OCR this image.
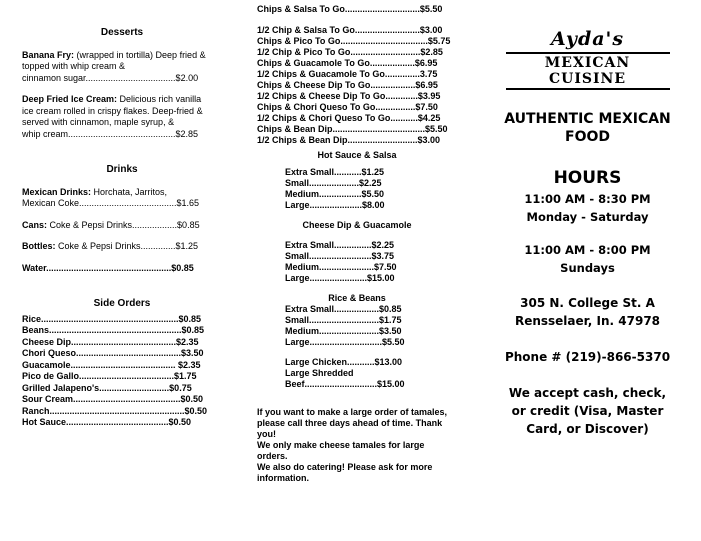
Desserts
Banana Fry: (wrapped in tortilla) Deep fried &
topped with whip cream &
cinnamon sugar....................................$2.00
Deep Fried Ice Cream: Delicious rich vanilla
ice cream rolled in crispy flakes. Deep-fried &
served with cinnamon, maple syrup, &
whip cream...........................................$2.85
Drinks
Mexican Drinks: Horchata, Jarritos,
Mexican Coke.......................................$1.65
Cans: Coke & Pepsi Drinks..................$0.85
Bottles: Coke & Pepsi Drinks..............$1.25
Water..................................................$0.85
Side Orders
Rice.......................................................$0.85
Beans.....................................................$0.85
Cheese Dip..........................................$2.35
Chori Queso..........................................$3.50
Guacamole.......................................... $2.35
Pico de Gallo......................................$1.75
Grilled Jalapeno's............................$0.75
Sour Cream...........................................$0.50
Ranch......................................................$0.50
Hot Sauce.........................................$0.50
Chips & Salsa To Go..............................$5.50
1/2 Chip & Salsa To Go..........................$3.00
Chips & Pico To Go...................................$5.75
1/2 Chip & Pico To Go............................$2.85
Chips & Guacamole To Go..................$6.95
1/2 Chips & Guacamole To Go..............3.75
Chips & Cheese Dip To Go..................$6.95
1/2 Chips & Cheese Dip To Go.............$3.95
Chips & Chori Queso To Go................$7.50
1/2 Chips & Chori Queso To Go...........$4.25
Chips & Bean Dip.....................................$5.50
1/2 Chips & Bean Dip............................$3.00
Hot Sauce & Salsa
Extra Small...........$1.25
Small....................$2.25
Medium.................$5.50
Large.....................$8.00
Cheese Dip & Guacamole
Extra Small...............$2.25
Small.........................$3.75
Medium......................$7.50
Large.......................$15.00
Rice & Beans
Extra Small..................$0.85
Small............................$1.75
Medium........................$3.50
Large.............................$5.50
Large Chicken...........$13.00
Large Shredded
Beef.............................$15.00
If you want to make a large order of tamales,
please call three days ahead of time. Thank
you!
We only make cheese tamales for large
orders.
We also do catering! Please ask for more
information.
Ayda's
MEXICAN CUISINE
AUTHENTIC MEXICAN
FOOD
HOURS
11:00 AM - 8:30 PM
Monday - Saturday
11:00 AM - 8:00 PM
Sundays
305 N. College St. A
Rensselaer, In. 47978
Phone # (219)-866-5370
We accept cash, check,
or credit (Visa, Master
Card, or Discover)
